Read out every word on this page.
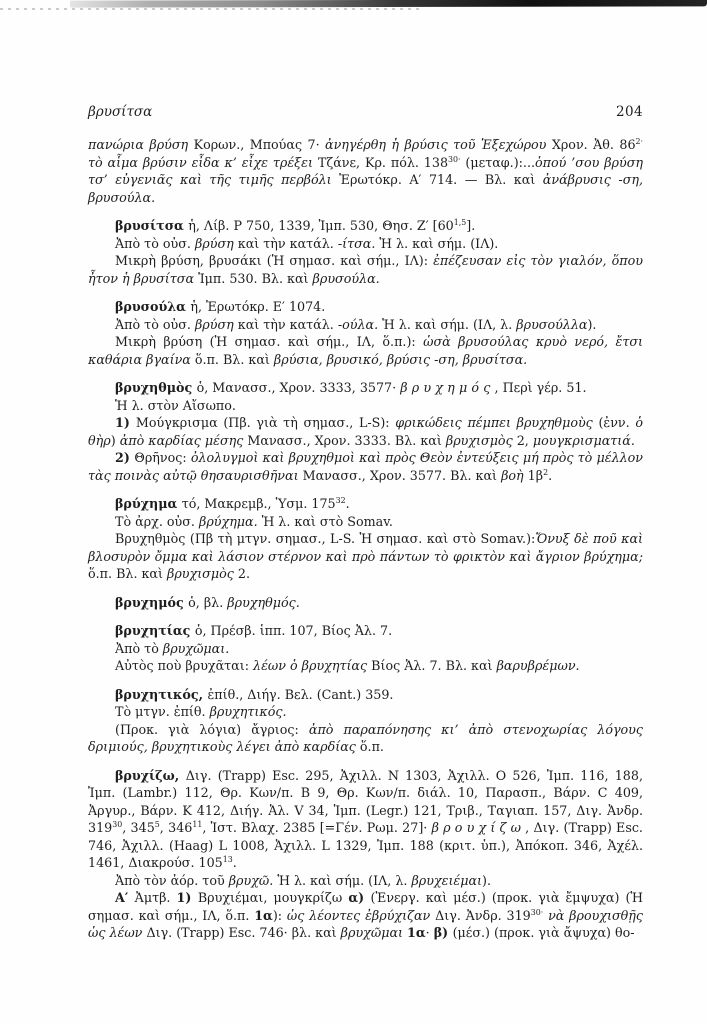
βρυσίτσα	204

πανώρια βρύση Κορων., Μπούας 7· ἀνηγέρθη ἡ βρύσις τοῦ Ἐξεχώρου Χρον. Ἀθ. $86^{2\cdot}$ τὸ αἷμα βρύσιν εἶδα κ’ εἶχε τρέξει Τζάνε, Κρ. πόλ. $138^{30\cdot}$ (μεταφ.):...ὁπού ’σου βρύση τσ’ εὐγενιᾶς καὶ τῆς τιμῆς περβόλι Ἐρωτόκρ. Α′ 714. — Βλ. καὶ ἀνάβρυσις -ση, βρυσούλα.

βρυσίτσα ἡ, Λίβ. P 750, 1339, Ἰμπ. 530, Θησ. Ζ′ [60$^{1,5}$].

Ἀπὸ τὸ οὐσ. βρύση καὶ τὴν κατάλ. -ίτσα. Ἡ λ. καὶ σήμ. (ΙΛ).

Μικρὴ βρύση, βρυσάκι (Ἡ σημασ. καὶ σήμ., ΙΛ): ἐπέζευσαν εἰς τὸν γιαλόν, ὅπου ἦτον ἡ βρυσίτσα Ἰμπ. 530. Βλ. καὶ βρυσούλα.

βρυσούλα ἡ, Ἐρωτόκρ. Ε′ 1074.

Ἀπὸ τὸ οὐσ. βρύση καὶ τὴν κατάλ. -ούλα. Ἡ λ. καὶ σήμ. (ΙΛ, λ. βρυσούλλα).

Μικρὴ βρύση (Ἡ σημασ. καὶ σήμ., ΙΛ, ὅ.π.): ὡσὰ βρυσούλας κρυὸ νερό, ἔτσι καθάρια βγαίνα ὅ.π. Βλ. καὶ βρύσια, βρυσικό, βρύσις -ση, βρυσίτσα.

βρυχηθμὸς ὁ, Μανασσ., Χρον. 3333, 3577· βρυχημός, Περὶ γέρ. 51.

Ἡ λ. στὸν Αἴσωπο.

1) Μούγκρισμα (Πβ. γιὰ τὴ σημασ., L-S): φρικώδεις πέμπει βρυχηθμοὺς (ἐνν. ὁ θὴρ) ἀπὸ καρδίας μέσης Μανασσ., Χρον. 3333. Βλ. καὶ βρυχισμὸς 2, μουγκρισματιά.

2) Θρῆνος: ὀλολυγμοὶ καὶ βρυχηθμοὶ καὶ πρὸς Θεὸν ἐντεύξεις μή πρὸς τὸ μέλλον τὰς ποινὰς αὐτῷ θησαυρισθῆναι Μανασσ., Χρον. 3577. Βλ. καὶ βοὴ $1\beta^2$.

βρύχημα τό, Μακρεμβ., Ὑσμ. $175^{32}$.

Τὸ ἀρχ. οὐσ. βρύχημα. Ἡ λ. καὶ στὸ Somav.

Βρυχηθμὸς (Πβ τὴ μτγν. σημασ., L-S. Ἡ σημασ. καὶ στὸ Somav.):Ὄνυξ δὲ ποῦ καὶ βλοσυρὸν ὄμμα καὶ λάσιον στέρνον καὶ πρὸ πάντων τὸ φρικτὸν καὶ ἄγριον βρύχημα; ὅ.π. Βλ. καὶ βρυχισμὸς 2.

βρυχημός ὁ, βλ. βρυχηθμός.

βρυχητίας ὁ, Πρέσβ. ἱππ. 107, Βίος Ἀλ. 7.

Ἀπὸ τὸ βρυχῶμαι.

Αὐτὸς ποὺ βρυχᾶται: λέων ὁ βρυχητίας Βίος Ἀλ. 7. Βλ. καὶ βαρυβρέμων.

βρυχητικός, ἐπίθ., Διήγ. Βελ. (Cant.) 359.

Τὸ μτγν. ἐπίθ. βρυχητικός.

(Προκ. γιὰ λόγια) ἄγριος: ἀπὸ παραπόνησης κι’ ἀπὸ στενοχωρίας λόγους δριμιούς, βρυχητικοὺς λέγει ἀπὸ καρδίας ὅ.π.

βρυχίζω, Διγ. (Trapp) Esc. 295, Ἀχιλλ. N 1303, Ἀχιλλ. O 526, Ἰμπ. 116, 188, Ἰμπ. (Lambr.) 112, Θρ. Κων/π. B 9, Θρ. Κων/π. διάλ. 10, Παρασπ., Βάρν. C 409, Ἀργυρ., Βάρν. K 412, Διήγ. Ἀλ. V 34, Ἰμπ. (Legr.) 121, Τριβ., Ταγιαπ. 157, Διγ. Ἀνδρ. $319^{30}$, $345^5$, $346^{11}$, Ἱστ. Βλαχ. 2385 [=Γέν. Ρωμ. 27]· βρουχίζω, Διγ. (Trapp) Esc. 746, Ἀχιλλ. (Haag) L 1008, Ἀχιλλ. L 1329, Ἰμπ. 188 (κριτ. ὑπ.), Ἀπόκοπ. 346, Ἀχέλ. 1461, Διακρούσ. $105^{13}$.

Ἀπὸ τὸν ἀόρ. τοῦ βρυχῶ. Ἡ λ. καὶ σήμ. (ΙΛ, λ. βρυχειέμαι).

Α′ Ἀμτβ. 1) Βρυχιέμαι, μουγκρίζω α) (Ἐνεργ. καὶ μέσ.) (προκ. γιὰ ἔμψυχα) (Ἡ σημασ. καὶ σήμ., ΙΛ, ὅ.π. 1α): ὡς λέοντες ἐβρύχιζαν Διγ. Ἀνδρ. $319^{30\cdot}$ νὰ βρουχισθῇς ὡς λέων Διγ. (Trapp) Esc. 746· βλ. καὶ βρυχῶμαι 1α· β) (μέσ.) (προκ. γιὰ ἄψυχα) θο-
